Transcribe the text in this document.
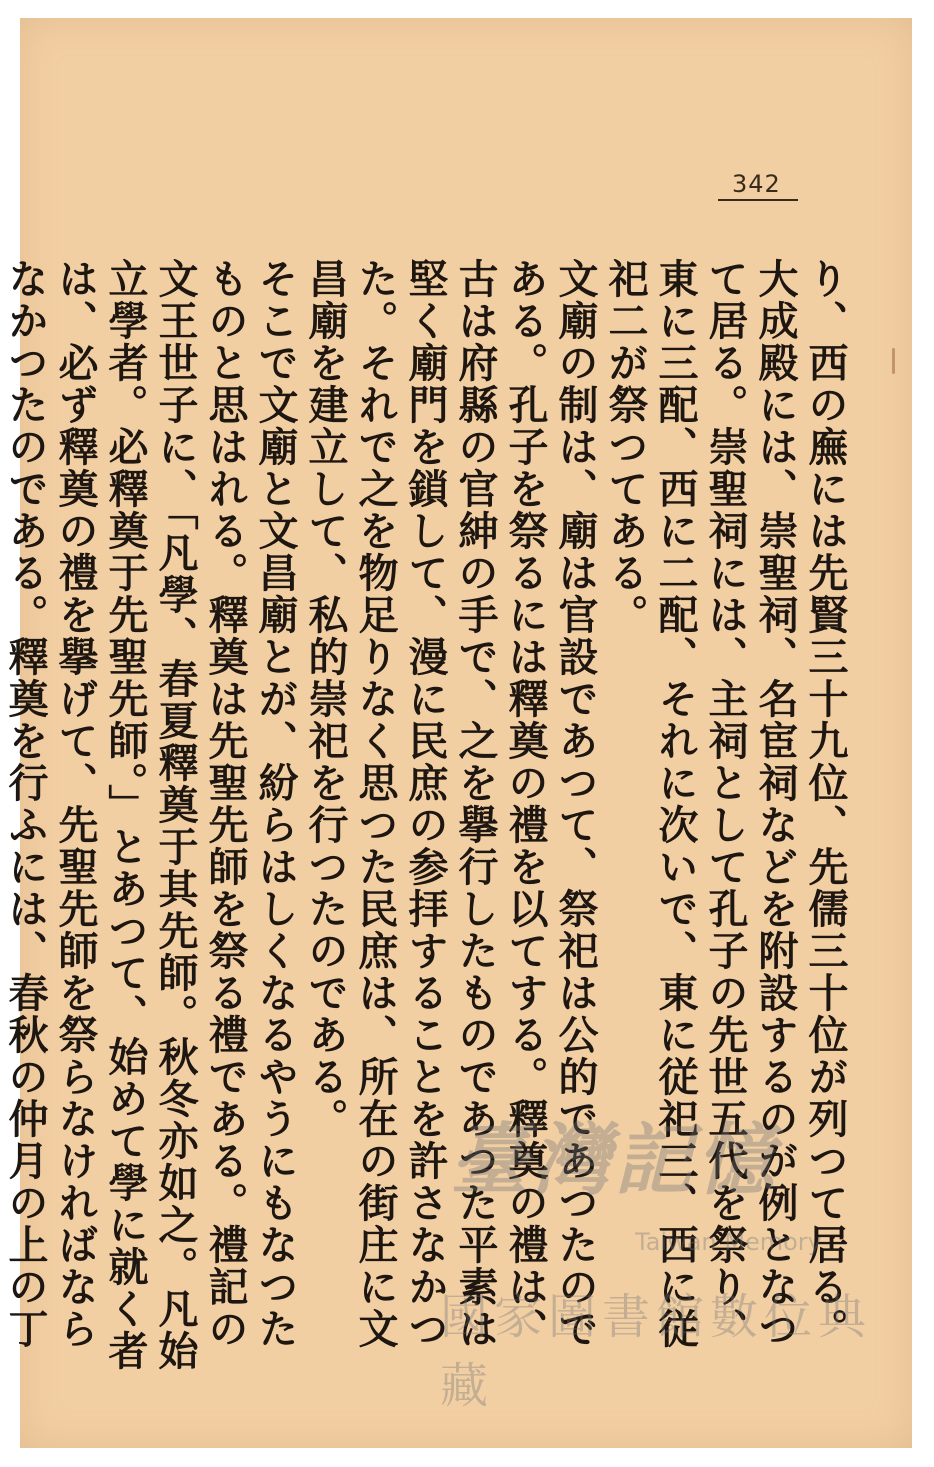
342

り、西の廡には先賢三十九位、先儒三十位が列つて居る。大成殿には、崇聖祠、名宦祠などを附設するのが例となつて居る。崇聖祠には、主祠として孔子の先世五代を祭り、東に三配、西に二配、それに次いで、東に従祀三、西に従祀二が祭つてある。

文廟の制は、廟は官設であつて、祭祀は公的であつたのである。孔子を祭るには釋奠の禮を以てする。釋奠の禮は、古は府縣の官紳の手で、之を擧行したものであつた平素は堅く廟門を鎖して、漫に民庶の参拝することを許さなかつた。それで之を物足りなく思つた民庶は、所在の街庄に文昌廟を建立して、私的崇祀を行つたのである。

そこで文廟と文昌廟とが、紛らはしくなるやうにもなつたものと思はれる。釋奠は先聖先師を祭る禮である。禮記の文王世子に、「凡學、春夏釋奠于其先師。秋冬亦如之。凡始立學者。必釋奠于先聖先師。」とあつて、始めて學に就く者は、必ず釋奠の禮を擧げて、先聖先師を祭らなければならなかつたのである。釋奠を行ふには、春秋の仲月の上の丁

臺灣記憶
Taiwan Memory
國家圖書館數位典藏
